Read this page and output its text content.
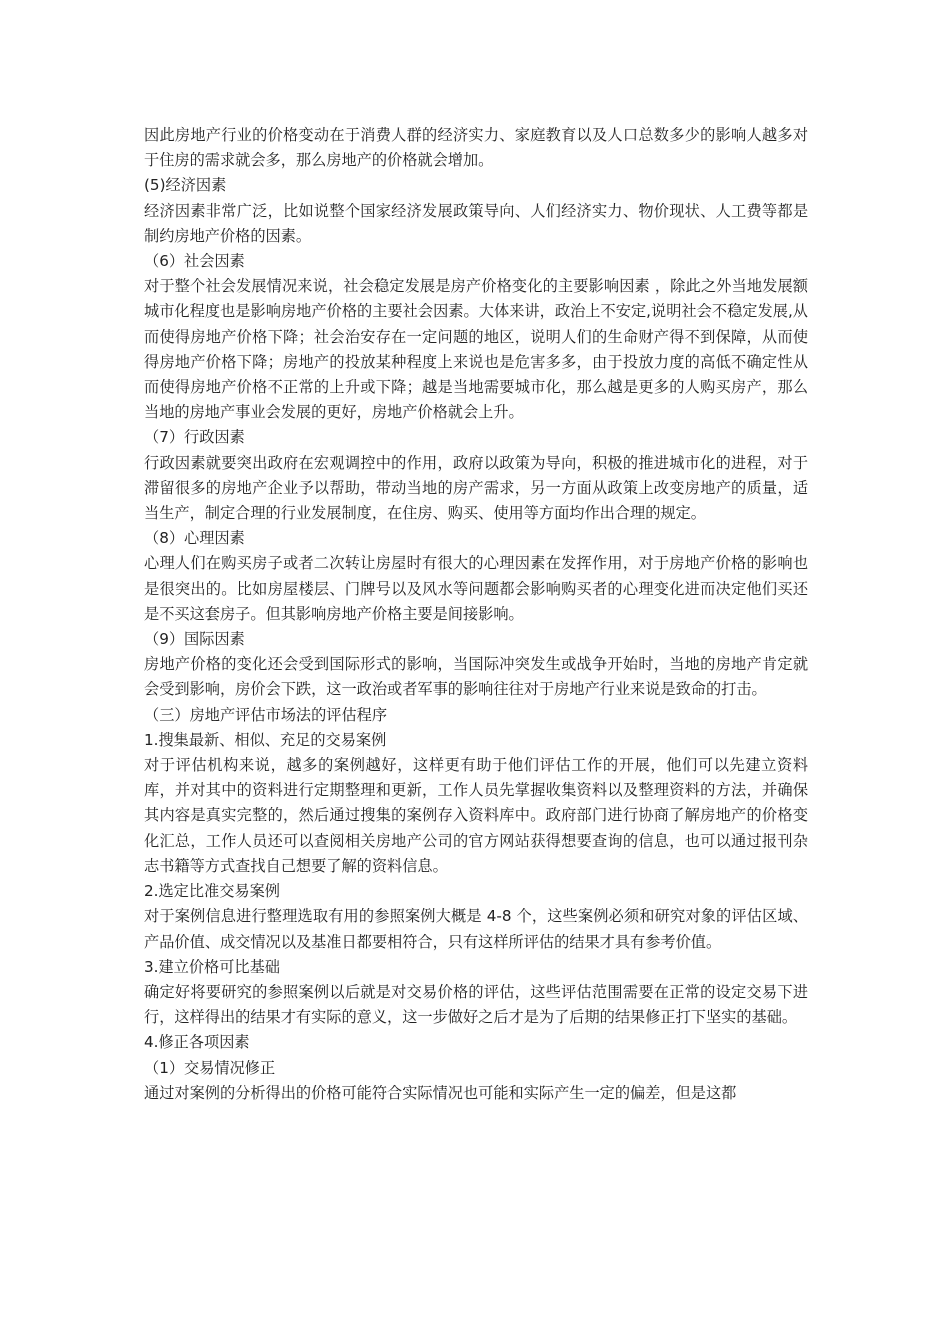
因此房地产行业的价格变动在于消费人群的经济实力、家庭教育以及人口总数多少的影响人越多对于住房的需求就会多，那么房地产的价格就会增加。

(5)经济因素

经济因素非常广泛，比如说整个国家经济发展政策导向、人们经济实力、物价现状、人工费等都是制约房地产价格的因素。

（6）社会因素

对于整个社会发展情况来说，社会稳定发展是房产价格变化的主要影响因素 ，除此之外当地发展额城市化程度也是影响房地产价格的主要社会因素。大体来讲，政治上不安定,说明社会不稳定发展,从而使得房地产价格下降；社会治安存在一定问题的地区，说明人们的生命财产得不到保障，从而使得房地产价格下降；房地产的投放某种程度上来说也是危害多多，由于投放力度的高低不确定性从而使得房地产价格不正常的上升或下降；越是当地需要城市化，那么越是更多的人购买房产，那么当地的房地产事业会发展的更好，房地产价格就会上升。

（7）行政因素

行政因素就要突出政府在宏观调控中的作用，政府以政策为导向，积极的推进城市化的进程，对于滞留很多的房地产企业予以帮助，带动当地的房产需求，另一方面从政策上改变房地产的质量，适当生产，制定合理的行业发展制度，在住房、购买、使用等方面均作出合理的规定。

（8）心理因素

心理人们在购买房子或者二次转让房屋时有很大的心理因素在发挥作用，对于房地产价格的影响也是很突出的。比如房屋楼层、门牌号以及风水等问题都会影响购买者的心理变化进而决定他们买还是不买这套房子。但其影响房地产价格主要是间接影响。

（9）国际因素

房地产价格的变化还会受到国际形式的影响，当国际冲突发生或战争开始时，当地的房地产肯定就会受到影响，房价会下跌，这一政治或者军事的影响往往对于房地产行业来说是致命的打击。

（三）房地产评估市场法的评估程序

1.搜集最新、相似、充足的交易案例

对于评估机构来说，越多的案例越好，这样更有助于他们评估工作的开展，他们可以先建立资料库，并对其中的资料进行定期整理和更新，工作人员先掌握收集资料以及整理资料的方法，并确保其内容是真实完整的，然后通过搜集的案例存入资料库中。政府部门进行协商了解房地产的价格变化汇总，工作人员还可以查阅相关房地产公司的官方网站获得想要查询的信息，也可以通过报刊杂志书籍等方式查找自己想要了解的资料信息。

2.选定比准交易案例

对于案例信息进行整理选取有用的参照案例大概是 4-8 个，这些案例必须和研究对象的评估区域、产品价值、成交情况以及基准日都要相符合，只有这样所评估的结果才具有参考价值。

3.建立价格可比基础

确定好将要研究的参照案例以后就是对交易价格的评估，这些评估范围需要在正常的设定交易下进行，这样得出的结果才有实际的意义，这一步做好之后才是为了后期的结果修正打下坚实的基础。

4.修正各项因素

（1）交易情况修正

通过对案例的分析得出的价格可能符合实际情况也可能和实际产生一定的偏差，但是这都
